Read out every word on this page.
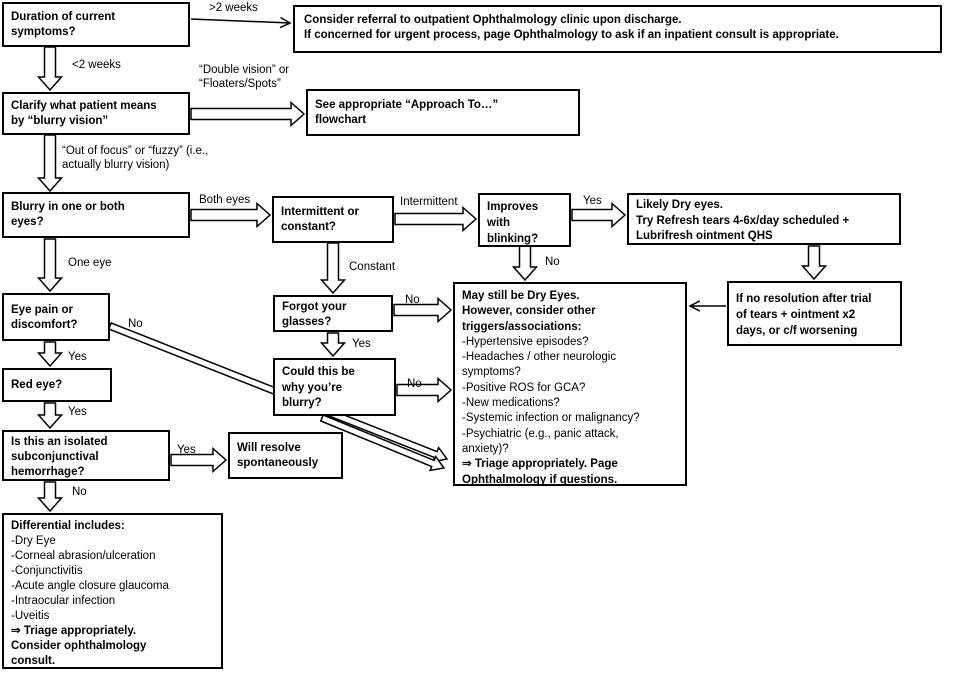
Duration of current
symptoms?
Consider referral to outpatient Ophthalmology clinic upon discharge.
If concerned for urgent process, page Ophthalmology to ask if an inpatient consult is appropriate.
Clarify what patient means
by “blurry vision”
See appropriate “Approach To…”
flowchart
Blurry in one or both
eyes?
Intermittent or
constant?
Improves
with
blinking?
Likely Dry eyes.
Try Refresh tears 4-6x/day scheduled +
Lubrifresh ointment QHS
If no resolution after trial
of tears + ointment x2
days, or c/f worsening
May still be Dry Eyes.
However, consider other
triggers/associations:
-Hypertensive episodes?
-Headaches / other neurologic
symptoms?
-Positive ROS for GCA?
-New medications?
-Systemic infection or malignancy?
-Psychiatric (e.g., panic attack,
anxiety)?
⇒ Triage appropriately. Page
Ophthalmology if questions.
Forgot your
glasses?
Could this be
why you’re
blurry?
Eye pain or
discomfort?
Red eye?
Is this an isolated
subconjunctival
hemorrhage?
Will resolve
spontaneously
Differential includes:
-Dry Eye
-Corneal abrasion/ulceration
-Conjunctivitis
-Acute angle closure glaucoma
-Intraocular infection
-Uveitis
⇒ Triage appropriately.
Consider ophthalmology
consult.
>2 weeks
<2 weeks	“Double vision” or
“Floaters/Spots”
“Out of focus” or “fuzzy” (i.e.,
actually blurry vision)
Both eyes
One eye
Intermittent
Constant
Yes
No
No
Yes
No
No
Yes
Yes
Yes
No
